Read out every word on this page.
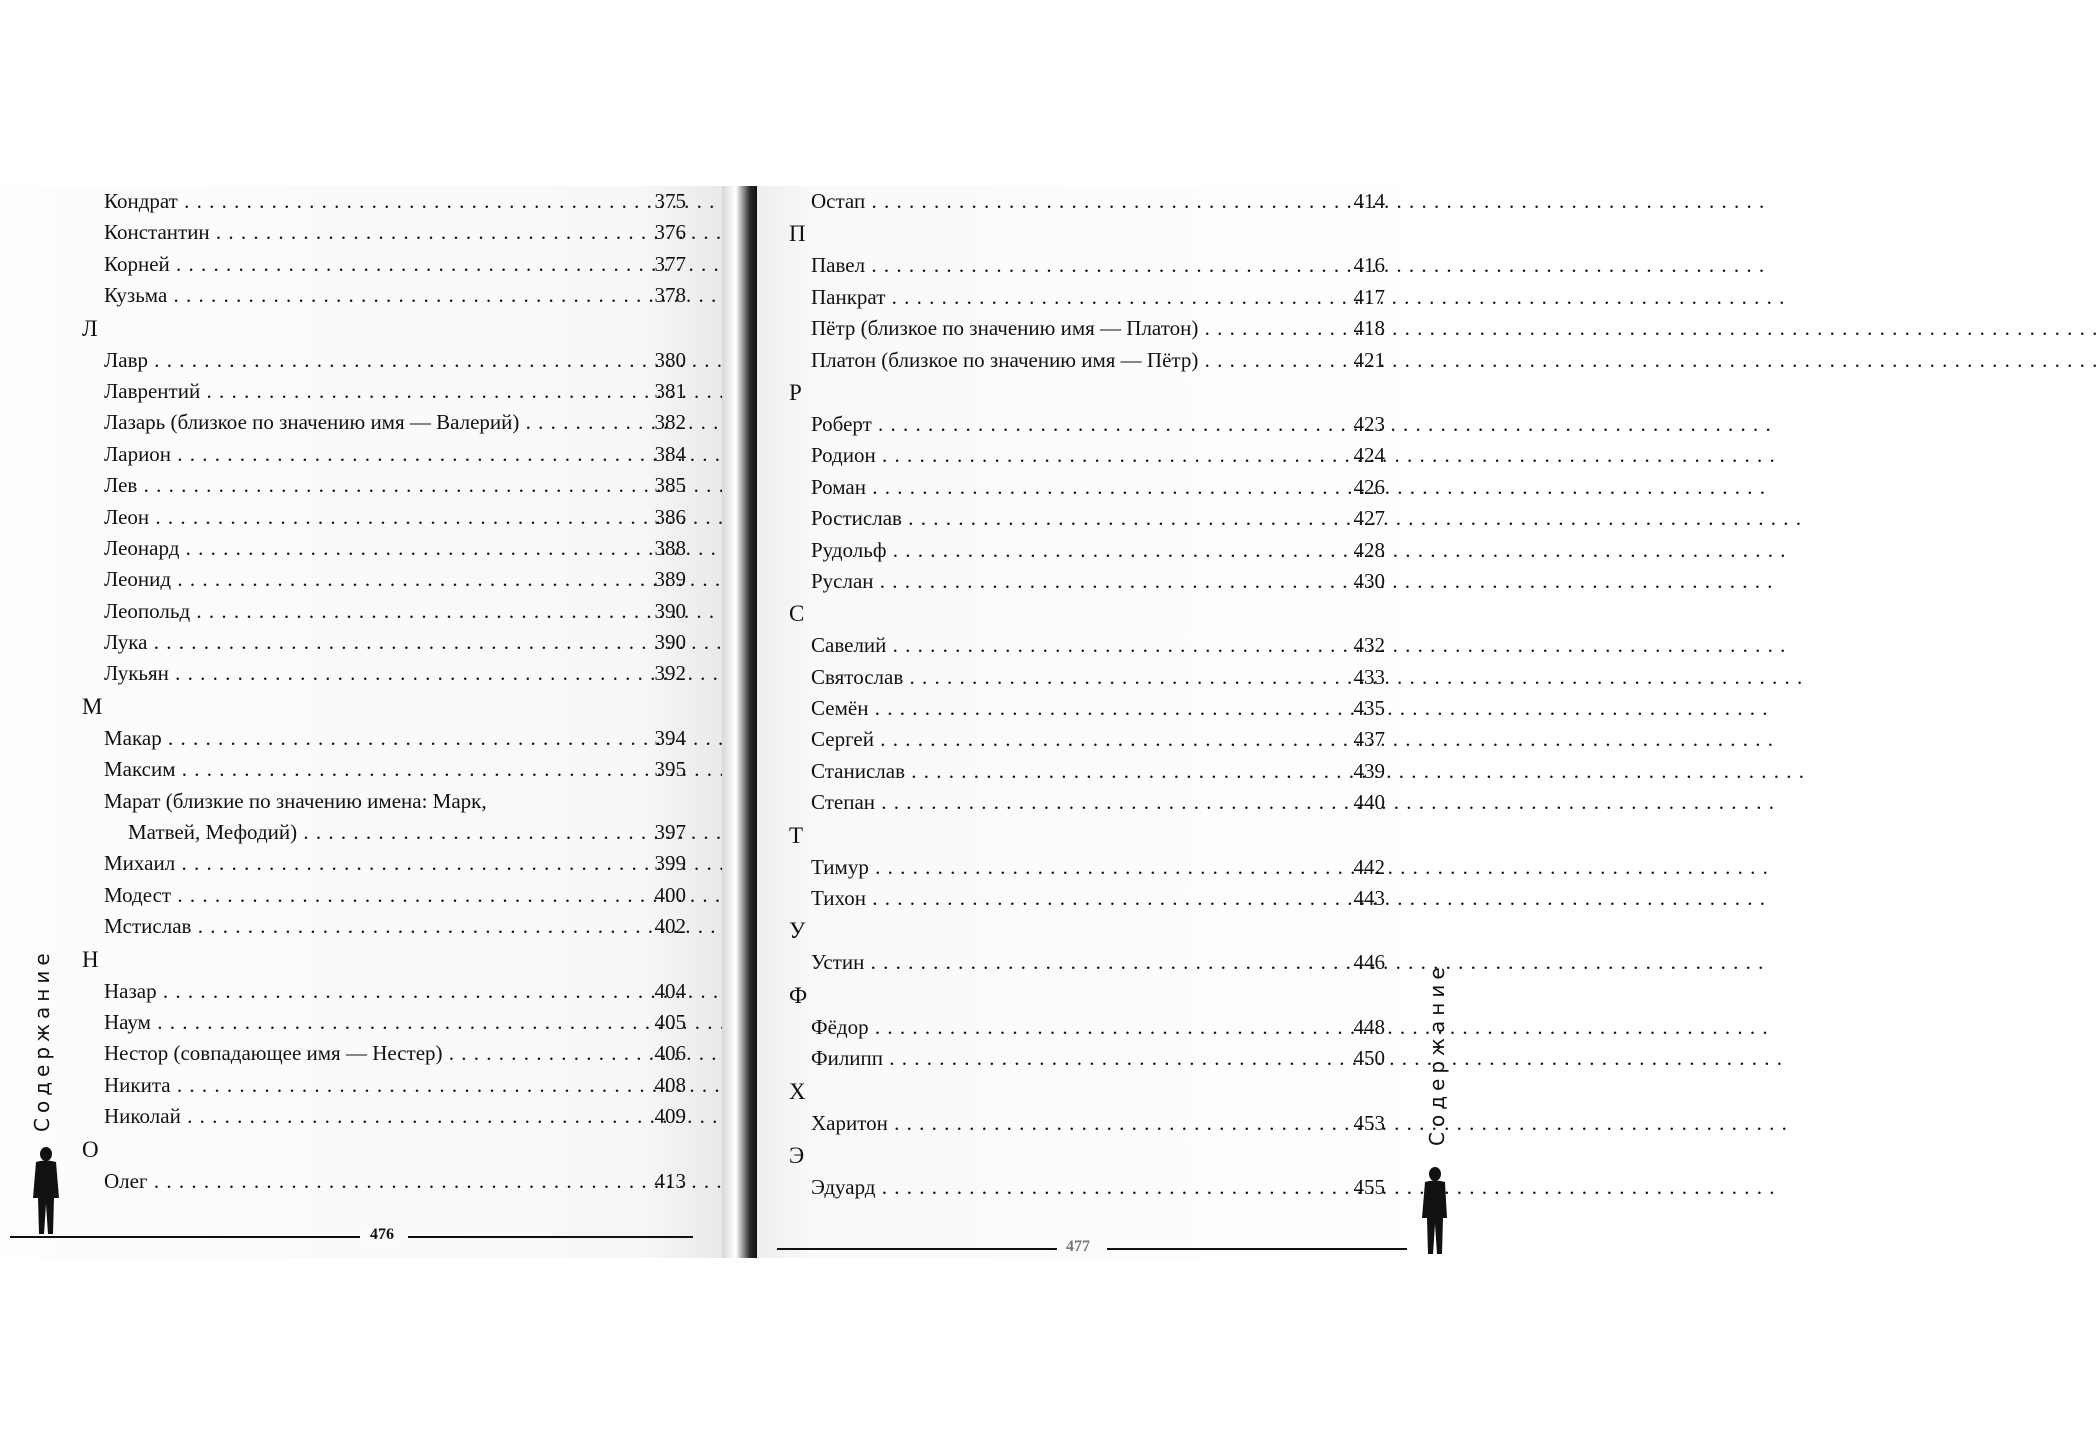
Кондрат . . .	375
Константин . . .	376
Корней . . .	377
Кузьма . . .	378
Л
Лавр . . .	380
Лаврентий . . .	381
Лазарь (близкое по значению имя — Валерий) . . .	382
Ларион . . .	384
Лев . . .	385
Леон . . .	386
Леонард . . .	388
Леонид . . .	389
Леопольд . . .	390
Лука . . .	390
Лукьян . . .	392
М
Макар . . .	394
Максим . . .	395
Марат (близкие по значению имена: Марк,
Матвей, Мефодий) . . .	397
Михаил . . .	399
Модест . . .	400
Мстислав . . .	402
Н
Назар . . .	404
Наум . . .	405
Нестор (совпадающее имя — Нестер) . . .	406
Никита . . .	408
Николай . . .	409
О
Олег . . .	413
Содержание
476
Остап . . .	414
П
Павел . . .	416
Панкрат . . .	417
Пётр (близкое по значению имя — Платон) . . .	418
Платон (близкое по значению имя — Пётр) . . .	421
Р
Роберт . . .	423
Родион . . .	424
Роман . . .	426
Ростислав . . .	427
Рудольф . . .	428
Руслан . . .	430
С
Савелий . . .	432
Святослав . . .	433
Семён . . .	435
Сергей . . .	437
Станислав . . .	439
Степан . . .	440
Т
Тимур . . .	442
Тихон . . .	443
У
Устин . . .	446
Ф
Фёдор . . .	448
Филипп . . .	450
Х
Харитон . . .	453
Э
Эдуард . . .	455
Содержание
477
